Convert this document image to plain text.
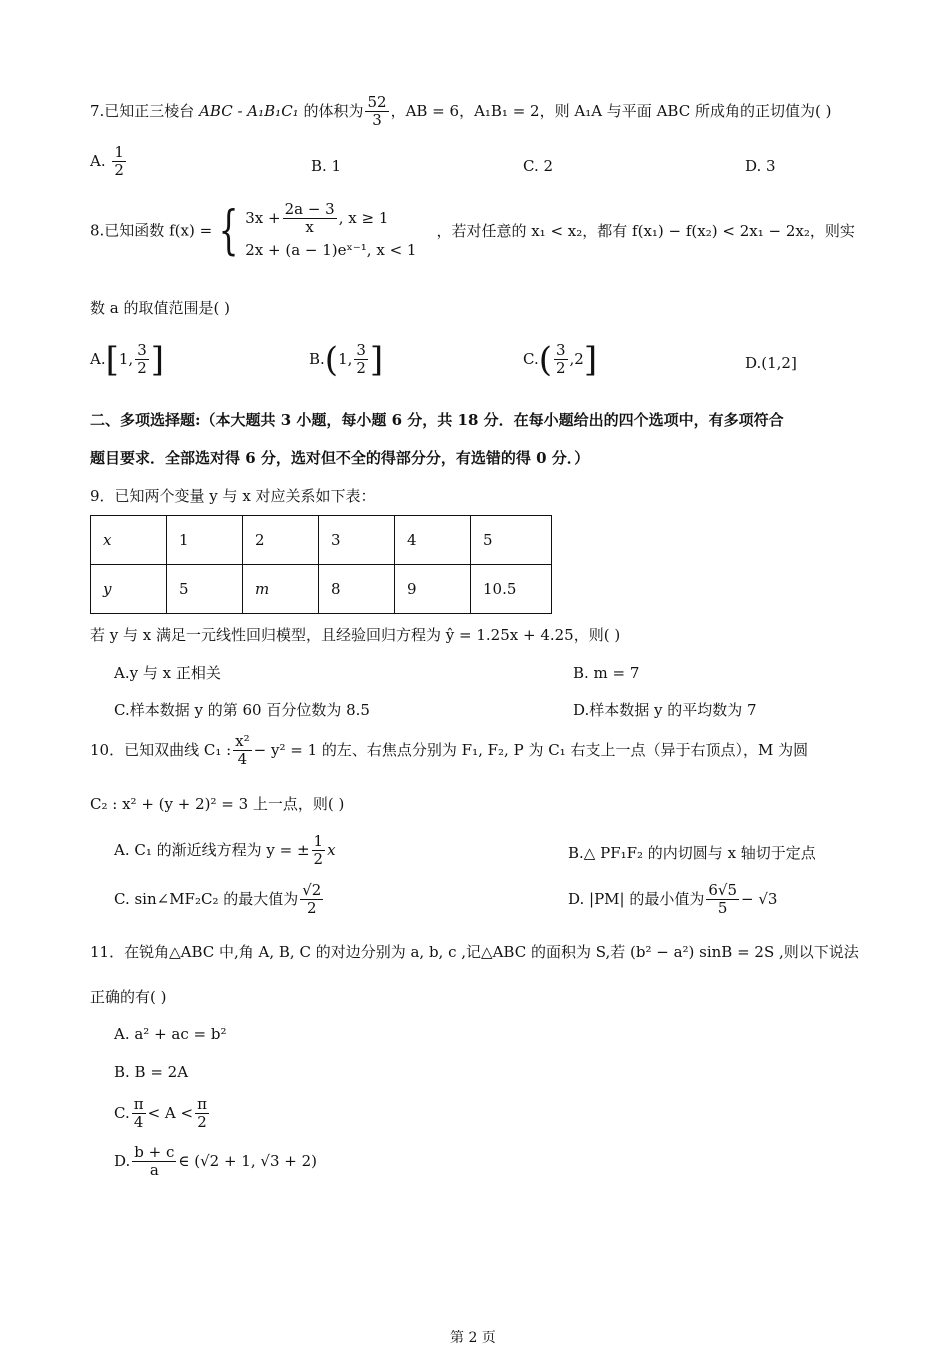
7.已知正三棱台 ABC - A₁B₁C₁ 的体积为 $\frac{52}{3}$ ，AB = 6，A₁B₁ = 2，则 A₁A 与平面 ABC 所成角的正切值为( )
A. $\frac{1}{2}$	B. 1	C. 2	D. 3
8.已知函数 f(x) = { $3x + \frac{2a - 3}{x}$ , x ≥ 1
2x + (a − 1)eˣ⁻¹, x < 1
，若对任意的 x₁ < x₂，都有 f(x₁) − f(x₂) < 2x₁ − 2x₂，则实
数 a 的取值范围是( )
A.[1, $\frac{3}{2}$ ]	B.(1, $\frac{3}{2}$ ]	$C.( \frac{3}{2} ,2]$	D.(1,2]
二、多项选择题:（本大题共 3 小题，每小题 6 分，共 18 分．在每小题给出的四个选项中，有多项符合
题目要求．全部选对得 6 分，选对但不全的得部分分，有选错的得 0 分．）
9．已知两个变量 y 与 x 对应关系如下表：
x	1	2	3	4	5
y	5	m	8	9	10.5
若 y 与 x 满足一元线性回归模型，且经验回归方程为 ŷ = 1.25x + 4.25，则( )
A.y 与 x 正相关	B. m = 7
C.样本数据 y 的第 60 百分位数为 8.5	D.样本数据 y 的平均数为 7
10．已知双曲线 C₁ : $\frac{\text{x²}}{4} - y^2 = 1$ 的左、右焦点分别为 F₁, F₂, P 为 C₁ 右支上一点（异于右顶点），M 为圆
C₂ : x² + (y + 2)² = 3 上一点，则( )
A. C₁ 的渐近线方程为 y = ± $\frac{1}{2}$ x	B.△ PF₁F₂ 的内切圆与 x 轴切于定点
C. sin∠MF₂C₂ 的最大值为 $\frac{√2}{2}$	D. |PM| 的最小值为 $\frac{6√5}{5} - √3$
11．在锐角△ABC 中,角 A, B, C 的对边分别为 a, b, c ,记△ABC 的面积为 S,若 (b² − a²) sinB = 2S ,则以下说法
正确的有( )
A. a² + ac = b²
B. B = 2A
C. $\frac{\pi}{4} < A < \frac{\pi}{2}$
D. $\frac{b + c}{a}$ ∈ (√2 + 1, √3 + 2)
第 2 页
